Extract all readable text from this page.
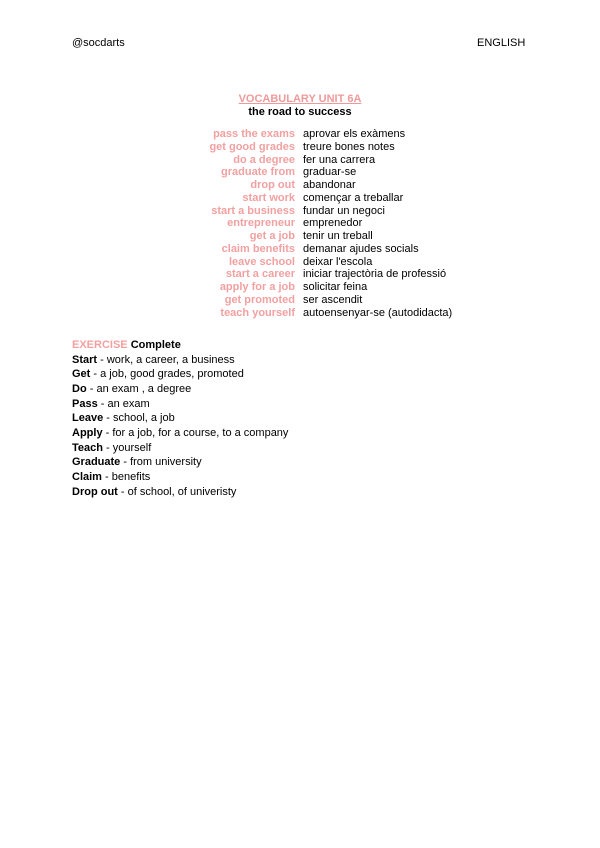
@socdarts	ENGLISH
VOCABULARY UNIT 6A
the road to success
pass the exams aprovar els exàmens
get good grades treure bones notes
do a degree fer una carrera
graduate from graduar-se
drop out abandonar
start work començar a treballar
start a business fundar un negoci
entrepreneur emprenedor
get a job tenir un treball
claim benefits demanar ajudes socials
leave school deixar l'escola
start a career iniciar trajectòria de professió
apply for a job solicitar feina
get promoted ser ascendit
teach yourself autoensenyar-se (autodidacta)
EXERCISE Complete
Start - work, a career, a business
Get - a job, good grades, promoted
Do - an exam , a degree
Pass - an exam
Leave - school, a job
Apply - for a job, for a course, to a company
Teach - yourself
Graduate - from university
Claim - benefits
Drop out - of school, of univeristy
